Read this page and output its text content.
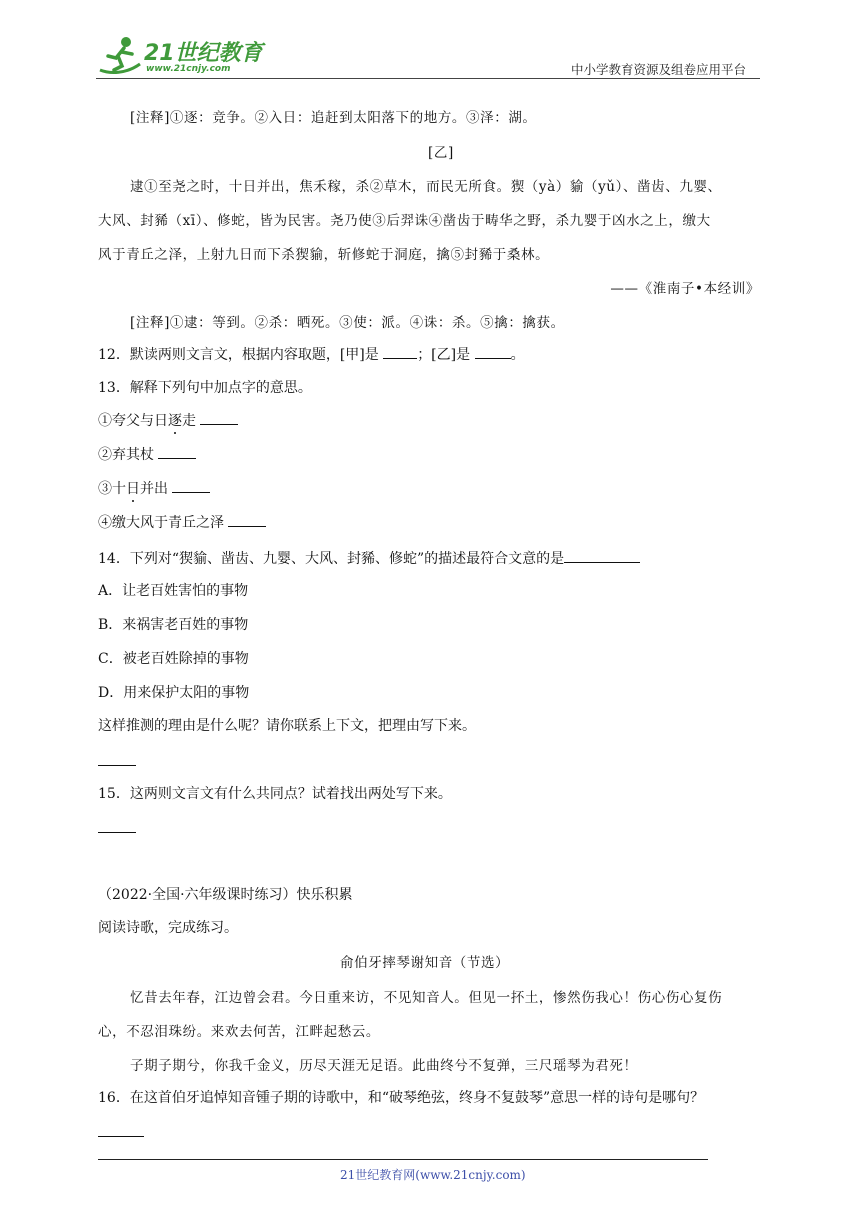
21世纪教育
www.21cnjy.com	中小学教育资源及组卷应用平台
[注释]①逐：竞争。②入日：追赶到太阳落下的地方。③泽：湖。
[乙]
逮①至尧之时，十日并出，焦禾稼，杀②草木，而民无所食。猰（yà）貐（yǔ）、凿齿、九婴、
大风、封豨（xī）、修蛇，皆为民害。尧乃使③后羿诛④凿齿于畴华之野，杀九婴于凶水之上，缴大
风于青丘之泽，上射九日而下杀猰貐，斩修蛇于洞庭，擒⑤封豨于桑林。
——《淮南子•本经训》
[注释]①逮：等到。②杀：晒死。③使：派。④诛：杀。⑤擒：擒获。
12．默读两则文言文，根据内容取题，[甲]是 ；[乙]是	。
13．解释下列句中加点字的意思。
①夸父与日逐走
②弃其杖
③十日并出
④缴大风于青丘之泽
14．下列对“猰貐、凿齿、九婴、大风、封豨、修蛇”的描述最符合文意的是
A．让老百姓害怕的事物
B．来祸害老百姓的事物
C．被老百姓除掉的事物
D．用来保护太阳的事物
这样推测的理由是什么呢？请你联系上下文，把理由写下来。
15．这两则文言文有什么共同点？试着找出两处写下来。
（2022·全国·六年级课时练习）快乐积累
阅读诗歌，完成练习。
俞伯牙摔琴谢知音（节选）
忆昔去年春，江边曾会君。今日重来访，不见知音人。但见一抔土，惨然伤我心！伤心伤心复伤
心，不忍泪珠纷。来欢去何苦，江畔起愁云。
子期子期兮，你我千金义，历尽天涯无足语。此曲终兮不复弹，三尺瑶琴为君死！
16．在这首伯牙追悼知音锺子期的诗歌中，和“破琴绝弦，终身不复鼓琴”意思一样的诗句是哪句？
21世纪教育网(www.21cnjy.com)
